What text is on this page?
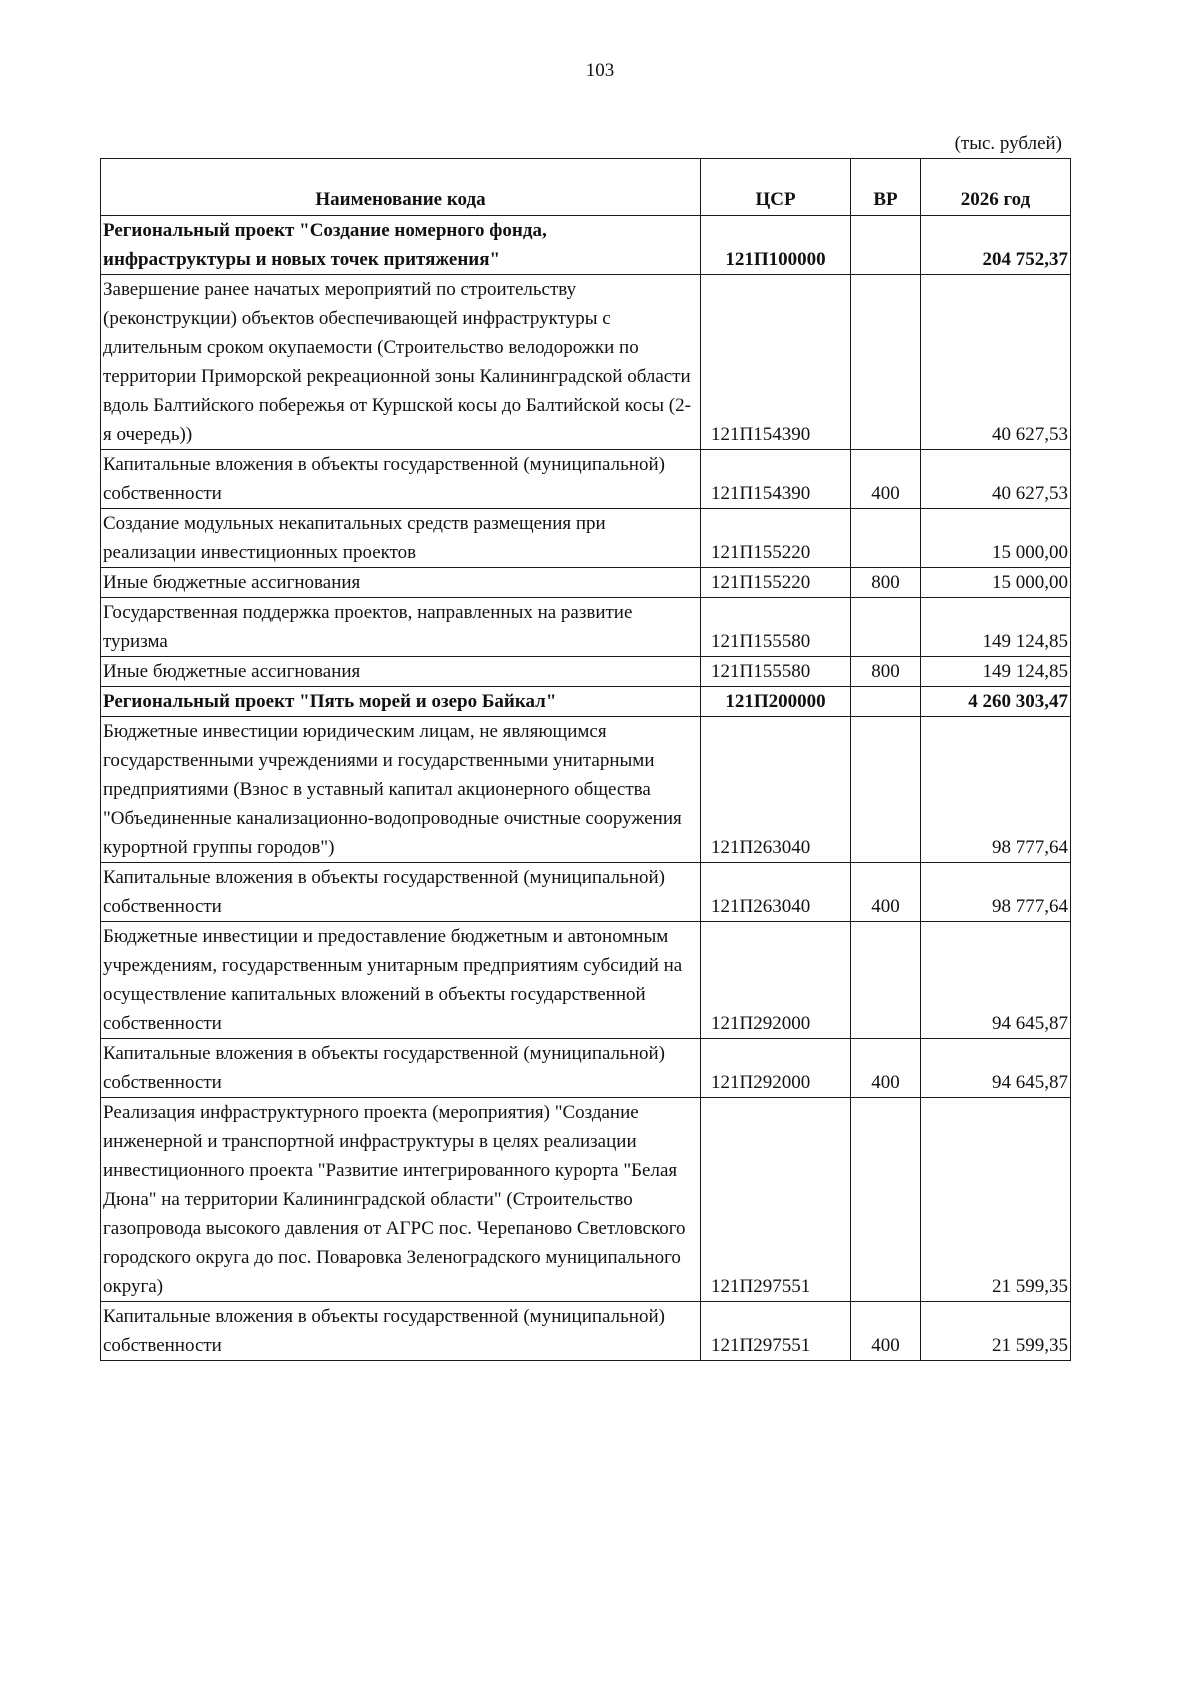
103
(тыс. рублей)
Наименование кода	ЦСР	ВР	2026 год
Региональный проект "Создание номерного фонда, инфраструктуры и новых точек притяжения"	121П100000		204 752,37
Завершение ранее начатых мероприятий по строительству (реконструкции) объектов обеспечивающей инфраструктуры с длительным сроком окупаемости (Строительство велодорожки по территории Приморской рекреационной зоны Калининградской области вдоль Балтийского побережья от Куршской косы до Балтийской косы (2-я очередь))	121П154390		40 627,53
Капитальные вложения в объекты государственной (муниципальной) собственности	121П154390	400	40 627,53
Создание модульных некапитальных средств размещения при реализации инвестиционных проектов	121П155220		15 000,00
Иные бюджетные ассигнования	121П155220	800	15 000,00
Государственная поддержка проектов, направленных на развитие туризма	121П155580		149 124,85
Иные бюджетные ассигнования	121П155580	800	149 124,85
Региональный проект "Пять морей и озеро Байкал"	121П200000		4 260 303,47
Бюджетные инвестиции юридическим лицам, не являющимся государственными учреждениями и государственными унитарными предприятиями (Взнос в уставный капитал акционерного общества "Объединенные канализационно-водопроводные очистные сооружения курортной группы городов")	121П263040		98 777,64
Капитальные вложения в объекты государственной (муниципальной) собственности	121П263040	400	98 777,64
Бюджетные инвестиции и предоставление бюджетным и автономным учреждениям, государственным унитарным предприятиям субсидий на осуществление капитальных вложений в объекты государственной собственности	121П292000		94 645,87
Капитальные вложения в объекты государственной (муниципальной) собственности	121П292000	400	94 645,87
Реализация инфраструктурного проекта (мероприятия) "Создание инженерной и транспортной инфраструктуры в целях реализации инвестиционного проекта "Развитие интегрированного курорта "Белая Дюна" на территории Калининградской области" (Строительство газопровода высокого давления от АГРС пос. Черепаново Светловского городского округа до пос. Поваровка Зеленоградского муниципального округа)	121П297551		21 599,35
Капитальные вложения в объекты государственной (муниципальной) собственности	121П297551	400	21 599,35
